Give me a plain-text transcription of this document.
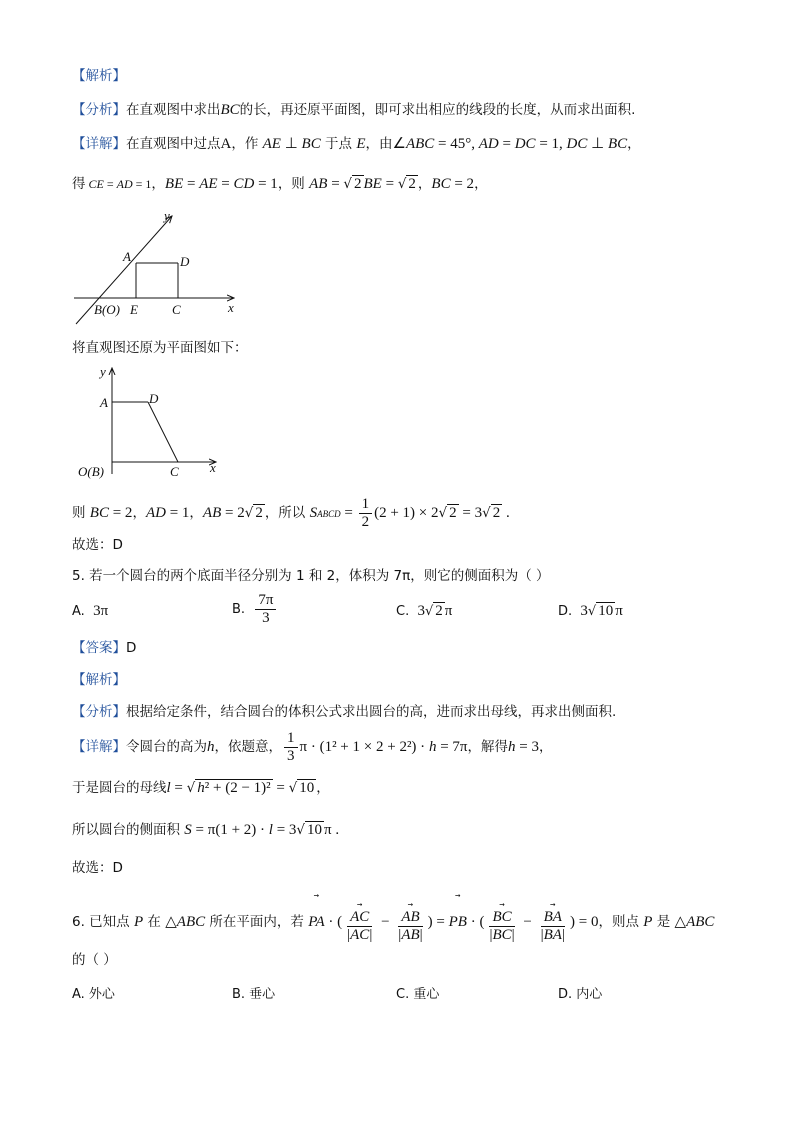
【解析】
【分析】在直观图中求出BC的长，再还原平面图，即可求出相应的线段的长度，从而求出面积.
【详解】在直观图中过点A，作 AE ⊥ BC 于点 E，由∠ABC = 45°, AD = DC = 1, DC ⊥ BC，
得 CE = AD = 1，BE = AE = CD = 1，则 AB = √ 2 BE = √ 2 ，BC = 2，
y
x
A	D
B(O) E	C
将直观图还原为平面图如下：
y
x
A	D
O(B)	C
则 BC = 2，AD = 1，AB = 2√ 2 ，所以 SABCD = $\frac{1}{2} (2 + 1) \times 2√$ 2 = 3√ 2 .
故选：D
5. 若一个圆台的两个底面半径分别为 1 和 2，体积为 7π，则它的侧面积为（ ）
A. 3π	B. $\frac{7\pi}{3}$	C. 3√ 2 π	D. 3√ 10 π
【答案】D
【解析】
【分析】根据给定条件，结合圆台的体积公式求出圆台的高，进而求出母线，再求出侧面积.
【详解】令圆台的高为h，依题意， $\frac{1}{3}$ π · (1² + 1 × 2 + 2²) · h = 7π，解得h = 3，
于是圆台的母线l = √ h² + (2 − 1)² = √ 10 ，
所以圆台的侧面积 S = π(1 + 2) · l = 3√ 10 π .
故选：D
6. 已知点 P 在 △ABC 所在平面内，若
→
PA · ( →
AC
|AC| − →
AB
|AB| ) =
→
PB · ( →
BC
|BC| − →
BA
|BA| ) = 0，则点 P 是 △ABC
的（ ）
A. 外心	B. 垂心	C. 重心	D. 内心
